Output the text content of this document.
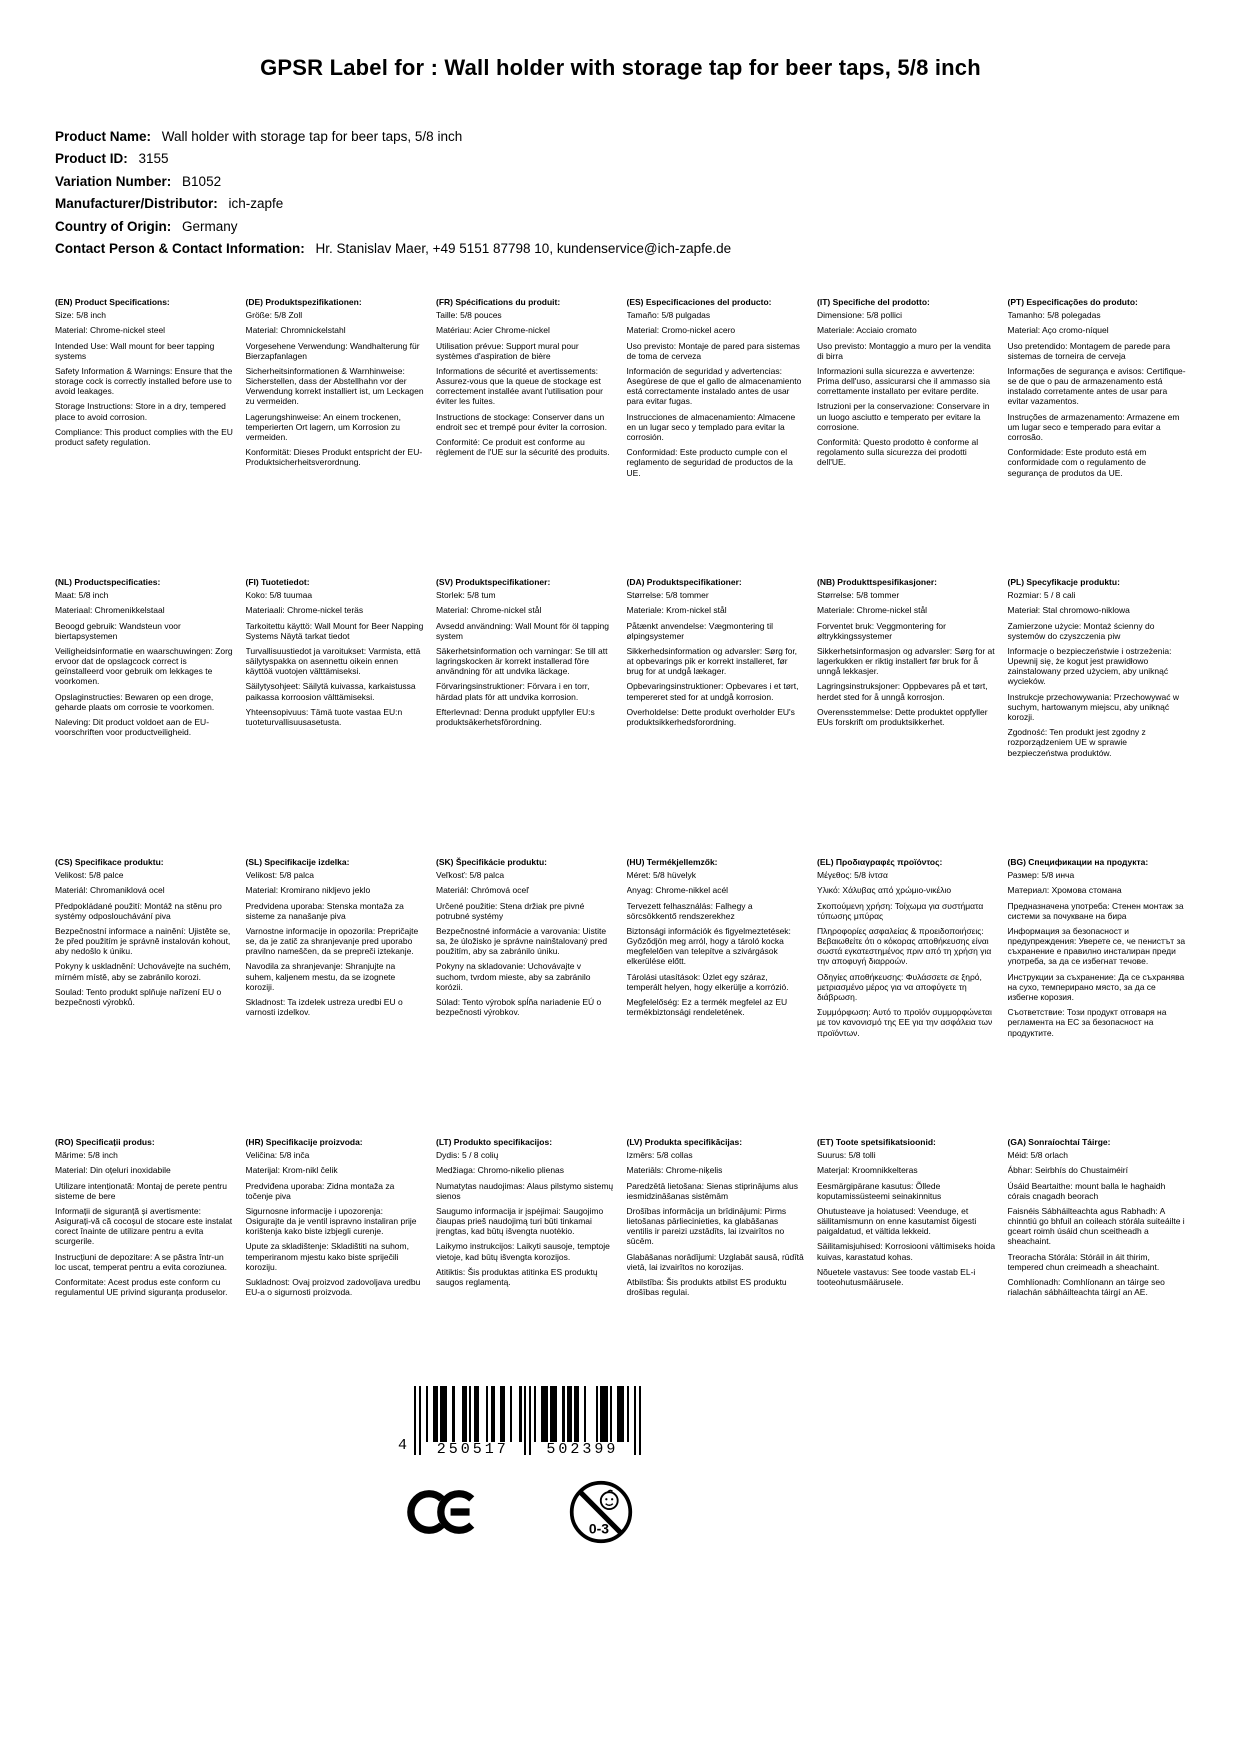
GPSR Label for : Wall holder with storage tap for beer taps, 5/8 inch
Product Name: Wall holder with storage tap for beer taps, 5/8 inch
Product ID: 3155
Variation Number: B1052
Manufacturer/Distributor: ich-zapfe
Country of Origin: Germany
Contact Person & Contact Information: Hr. Stanislav Maer, +49 5151 87798 10, kundenservice@ich-zapfe.de
(EN) Product Specifications:
Size: 5/8 inch
Material: Chrome-nickel steel
Intended Use: Wall mount for beer tapping systems
Safety Information & Warnings: Ensure that the storage cock is correctly installed before use to avoid leakages.
Storage Instructions: Store in a dry, tempered place to avoid corrosion.
Compliance: This product complies with the EU product safety regulation.
(DE) Produktspezifikationen:
Größe: 5/8 Zoll
Material: Chromnickelstahl
Vorgesehene Verwendung: Wandhalterung für Bierzapfanlagen
Sicherheitsinformationen & Warnhinweise: Sicherstellen, dass der Abstellhahn vor der Verwendung korrekt installiert ist, um Leckagen zu vermeiden.
Lagerungshinweise: An einem trockenen, temperierten Ort lagern, um Korrosion zu vermeiden.
Konformität: Dieses Produkt entspricht der EU-Produktsicherheitsverordnung.
(FR) Spécifications du produit:
Taille: 5/8 pouces
Matériau: Acier Chrome-nickel
Utilisation prévue: Support mural pour systèmes d'aspiration de bière
Informations de sécurité et avertissements: Assurez-vous que la queue de stockage est correctement installée avant l'utilisation pour éviter les fuites.
Instructions de stockage: Conserver dans un endroit sec et trempé pour éviter la corrosion.
Conformité: Ce produit est conforme au règlement de l'UE sur la sécurité des produits.
(ES) Especificaciones del producto:
Tamaño: 5/8 pulgadas
Material: Cromo-nickel acero
Uso previsto: Montaje de pared para sistemas de toma de cerveza
Información de seguridad y advertencias: Asegúrese de que el gallo de almacenamiento está correctamente instalado antes de usar para evitar fugas.
Instrucciones de almacenamiento: Almacene en un lugar seco y templado para evitar la corrosión.
Conformidad: Este producto cumple con el reglamento de seguridad de productos de la UE.
(IT) Specifiche del prodotto:
Dimensione: 5/8 pollici
Materiale: Acciaio cromato
Uso previsto: Montaggio a muro per la vendita di birra
Informazioni sulla sicurezza e avvertenze: Prima dell'uso, assicurarsi che il ammasso sia correttamente installato per evitare perdite.
Istruzioni per la conservazione: Conservare in un luogo asciutto e temperato per evitare la corrosione.
Conformità: Questo prodotto è conforme al regolamento sulla sicurezza dei prodotti dell'UE.
(PT) Especificações do produto:
Tamanho: 5/8 polegadas
Material: Aço cromo-níquel
Uso pretendido: Montagem de parede para sistemas de torneira de cerveja
Informações de segurança e avisos: Certifique-se de que o pau de armazenamento está instalado corretamente antes de usar para evitar vazamentos.
Instruções de armazenamento: Armazene em um lugar seco e temperado para evitar a corrosão.
Conformidade: Este produto está em conformidade com o regulamento de segurança de produtos da UE.
(NL) Productspecificaties:
Maat: 5/8 inch
Materiaal: Chromenikkelstaal
Beoogd gebruik: Wandsteun voor biertapsystemen
Veiligheidsinformatie en waarschuwingen: Zorg ervoor dat de opslagcock correct is geïnstalleerd voor gebruik om lekkages te voorkomen.
Opslaginstructies: Bewaren op een droge, geharde plaats om corrosie te voorkomen.
Naleving: Dit product voldoet aan de EU-voorschriften voor productveiligheid.
(FI) Tuotetiedot:
Koko: 5/8 tuumaa
Materiaali: Chrome-nickel teräs
Tarkoitettu käyttö: Wall Mount for Beer Napping Systems Näytä tarkat tiedot
Turvallisuustiedot ja varoitukset: Varmista, että säilytyspakka on asennettu oikein ennen käyttöä vuotojen välttämiseksi.
Säilytysohjeet: Säilytä kuivassa, karkaistussa paikassa korroosion välttämiseksi.
Yhteensopivuus: Tämä tuote vastaa EU:n tuoteturvallisuusasetusta.
(SV) Produktspecifikationer:
Storlek: 5/8 tum
Material: Chrome-nickel stål
Avsedd användning: Wall Mount för öl tapping system
Säkerhetsinformation och varningar: Se till att lagringskocken är korrekt installerad före användning för att undvika läckage.
Förvaringsinstruktioner: Förvara i en torr, härdad plats för att undvika korrosion.
Efterlevnad: Denna produkt uppfyller EU:s produktsäkerhetsförordning.
(DA) Produktspecifikationer:
Størrelse: 5/8 tommer
Materiale: Krom-nickel stål
Påtænkt anvendelse: Vægmontering til ølpingsystemer
Sikkerhedsinformation og advarsler: Sørg for, at opbevarings pik er korrekt installeret, før brug for at undgå lækager.
Opbevaringsinstruktioner: Opbevares i et tørt, tempereret sted for at undgå korrosion.
Overholdelse: Dette produkt overholder EU's produktsikkerhedsforordning.
(NB) Produkttspesifikasjoner:
Størrelse: 5/8 tommer
Materiale: Chrome-nickel stål
Forventet bruk: Veggmontering for øltrykkingssystemer
Sikkerhetsinformasjon og advarsler: Sørg for at lagerkukken er riktig installert før bruk for å unngå lekkasjer.
Lagringsinstruksjoner: Oppbevares på et tørt, herdet sted for å unngå korrosjon.
Overensstemmelse: Dette produktet oppfyller EUs forskrift om produktsikkerhet.
(PL) Specyfikacje produktu:
Rozmiar: 5 / 8 cali
Materiał: Stal chromowo-niklowa
Zamierzone użycie: Montaż ścienny do systemów do czyszczenia piw
Informacje o bezpieczeństwie i ostrzeżenia: Upewnij się, że kogut jest prawidłowo zainstalowany przed użyciem, aby uniknąć wycieków.
Instrukcje przechowywania: Przechowywać w suchym, hartowanym miejscu, aby uniknąć korozji.
Zgodność: Ten produkt jest zgodny z rozporządzeniem UE w sprawie bezpieczeństwa produktów.
(CS) Specifikace produktu:
Velikost: 5/8 palce
Materiál: Chromaniklová ocel
Předpokládané použití: Montáž na stěnu pro systémy odposlouchávání piva
Bezpečnostní informace a nainění: Ujistěte se, že před použitím je správně instalován kohout, aby nedošlo k úniku.
Pokyny k uskladnění: Uchovávejte na suchém, mírném místě, aby se zabránilo korozi.
Soulad: Tento produkt splňuje nařízení EU o bezpečnosti výrobků.
(SL) Specifikacije izdelka:
Velikost: 5/8 palca
Material: Kromirano nikljevo jeklo
Predvidena uporaba: Stenska montaža za sisteme za nanašanje piva
Varnostne informacije in opozorila: Prepričajte se, da je zatič za shranjevanje pred uporabo pravilno nameščen, da se prepreči iztekanje.
Navodila za shranjevanje: Shranjujte na suhem, kaljenem mestu, da se izognete koroziji.
Skladnost: Ta izdelek ustreza uredbi EU o varnosti izdelkov.
(SK) Špecifikácie produktu:
Veľkosť: 5/8 palca
Materiál: Chrómová oceľ
Určené použitie: Stena držiak pre pivné potrubné systémy
Bezpečnostné informácie a varovania: Uistite sa, že úložisko je správne nainštalovaný pred použitím, aby sa zabránilo úniku.
Pokyny na skladovanie: Uchovávajte v suchom, tvrdom mieste, aby sa zabránilo korózii.
Súlad: Tento výrobok spĺňa nariadenie EÚ o bezpečnosti výrobkov.
(HU) Termékjellemzők:
Méret: 5/8 hüvelyk
Anyag: Chrome-nikkel acél
Tervezett felhasználás: Falhegy a sörcsökkentő rendszerekhez
Biztonsági információk és figyelmeztetések: Győződjön meg arról, hogy a tároló kocka megfelelően van telepítve a szivárgások elkerülése előtt.
Tárolási utasítások: Üzlet egy száraz, temperált helyen, hogy elkerülje a korrózió.
Megfelelőség: Ez a termék megfelel az EU termékbiztonsági rendeletének.
(EL) Προδιαγραφές προϊόντος:
Μέγεθος: 5/8 ίντσα
Υλικό: Χάλυβας από χρώμιο-νικέλιο
Σκοπούμενη χρήση: Τοίχωμα για συστήματα τύπωσης μπύρας
Πληροφορίες ασφαλείας & προειδοποιήσεις: Βεβαιωθείτε ότι ο κόκορας αποθήκευσης είναι σωστά εγκατεστημένος πριν από τη χρήση για την αποφυγή διαρροών.
Οδηγίες αποθήκευσης: Φυλάσσετε σε ξηρό, μετριασμένο μέρος για να αποφύγετε τη διάβρωση.
Συμμόρφωση: Αυτό το προϊόν συμμορφώνεται με τον κανονισμό της ΕΕ για την ασφάλεια των προϊόντων.
(BG) Спецификации на продукта:
Размер: 5/8 инча
Материал: Хромова стомана
Предназначена употреба: Стенен монтаж за системи за почукване на бира
Информация за безопасност и предупреждения: Уверете се, че пенистът за съхранение е правилно инсталиран преди употреба, за да се избегнат течове.
Инструкции за съхранение: Да се съхранява на сухо, темперирано място, за да се избегне корозия.
Съответствие: Този продукт отговаря на регламента на ЕС за безопасност на продуктите.
(RO) Specificații produs:
Mărime: 5/8 inch
Material: Din oțeluri inoxidabile
Utilizare intenționată: Montaj de perete pentru sisteme de bere
Informații de siguranță și avertismente: Asigurați-vă că cocoșul de stocare este instalat corect înainte de utilizare pentru a evita scurgerile.
Instrucțiuni de depozitare: A se păstra într-un loc uscat, temperat pentru a evita coroziunea.
Conformitate: Acest produs este conform cu regulamentul UE privind siguranța produselor.
(HR) Specifikacije proizvoda:
Veličina: 5/8 inča
Materijal: Krom-nikl čelik
Predviđena uporaba: Zidna montaža za točenje piva
Sigurnosne informacije i upozorenja: Osigurajte da je ventil ispravno instaliran prije korištenja kako biste izbjegli curenje.
Upute za skladištenje: Skladištiti na suhom, temperiranom mjestu kako biste spriječili koroziju.
Sukladnost: Ovaj proizvod zadovoljava uredbu EU-a o sigurnosti proizvoda.
(LT) Produkto specifikacijos:
Dydis: 5 / 8 colių
Medžiaga: Chromo-nikelio plienas
Numatytas naudojimas: Alaus pilstymo sistemų sienos
Saugumo informacija ir įspėjimai: Saugojimo čiaupas prieš naudojimą turi būti tinkamai įrengtas, kad būtų išvengta nuotėkio.
Laikymo instrukcijos: Laikyti sausoje, temptoje vietoje, kad būtų išvengta korozijos.
Atitiktis: Šis produktas atitinka ES produktų saugos reglamentą.
(LV) Produkta specifikācijas:
Izmērs: 5/8 collas
Materiāls: Chrome-niķelis
Paredzētā lietošana: Sienas stiprinājums alus iesmidzināšanas sistēmām
Drošības informācija un brīdinājumi: Pirms lietošanas pārliecinieties, ka glabāšanas ventilis ir pareizi uzstādīts, lai izvairītos no sūcēm.
Glabāšanas norādījumi: Uzglabāt sausā, rūdītā vietā, lai izvairītos no korozijas.
Atbilstība: Šis produkts atbilst ES produktu drošības regulai.
(ET) Toote spetsifikatsioonid:
Suurus: 5/8 tolli
Materjal: Kroomnikkelteras
Eesmärgipärane kasutus: Õllede koputamissüsteemi seinakinnitus
Ohutusteave ja hoiatused: Veenduge, et säilitamismunn on enne kasutamist õigesti paigaldatud, et vältida lekkeid.
Säilitamisjuhised: Korrosiooni vältimiseks hoida kuivas, karastatud kohas.
Nõuetele vastavus: See toode vastab EL-i tooteohutusmäärusele.
(GA) Sonraíochtaí Táirge:
Méid: 5/8 orlach
Ábhar: Seirbhís do Chustaiméirí
Úsáid Beartaithe: mount balla le haghaidh córais cnagadh beorach
Faisnéis Sábháilteachta agus Rabhadh: A chinntiú go bhfuil an coileach stórála suiteáilte i gceart roimh úsáid chun sceitheadh a sheachaint.
Treoracha Stórála: Stóráil in áit thirim, tempered chun creimeadh a sheachaint.
Comhlíonadh: Comhlíonann an táirge seo rialachán sábháilteachta táirgí an AE.
4	250517	502399
0-3
